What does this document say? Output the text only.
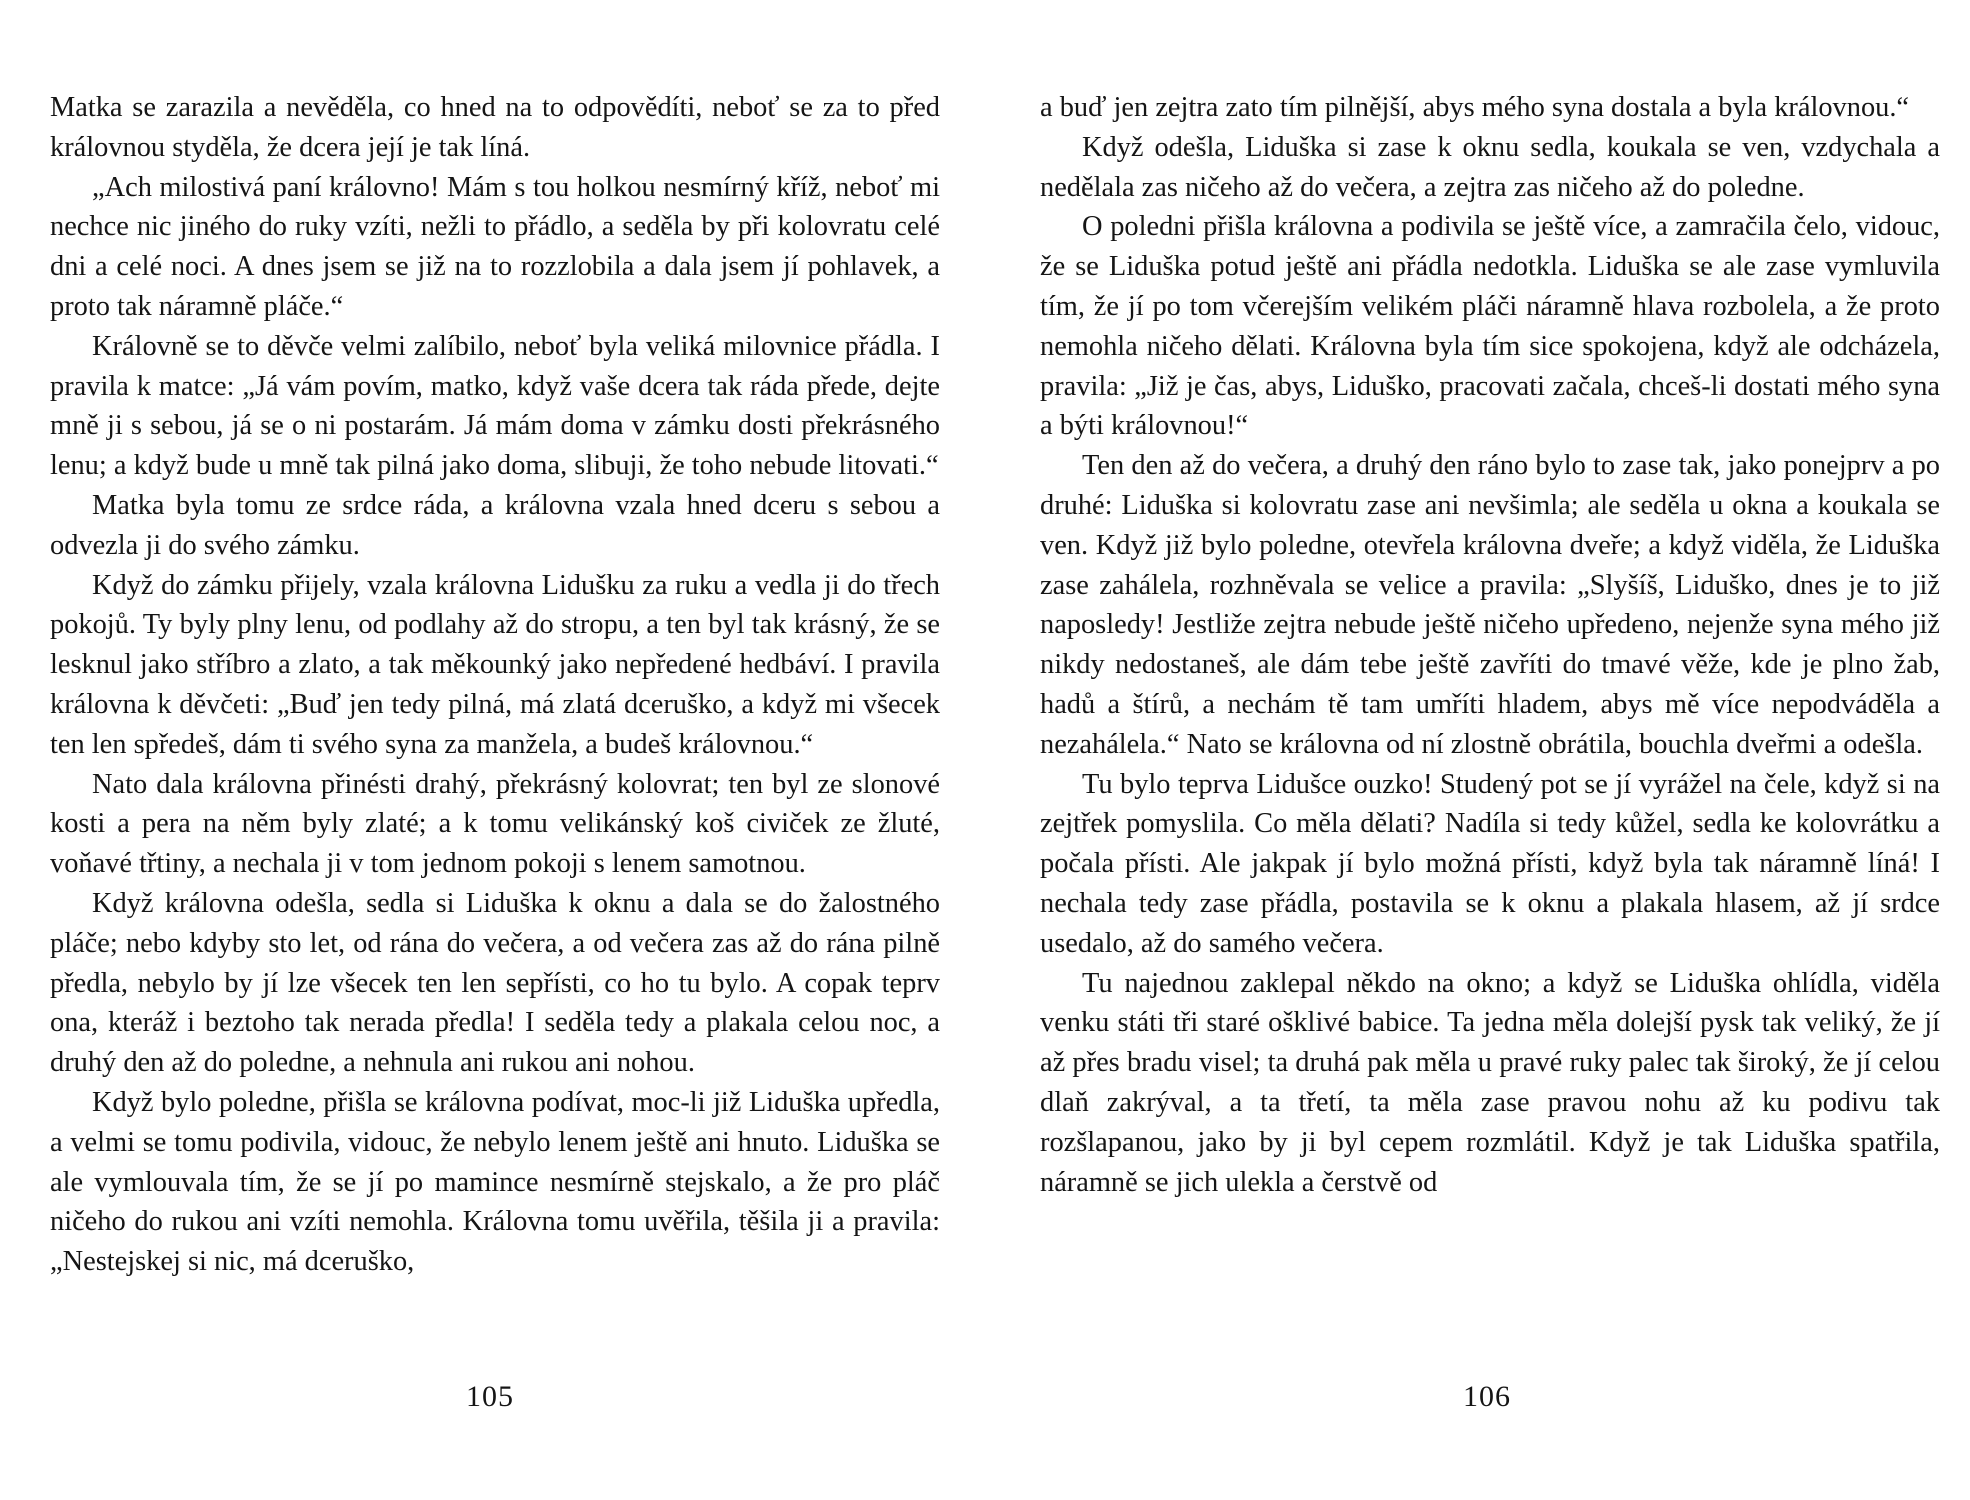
Matka se zarazila a nevěděla, co hned na to odpovědíti, neboť se za to před královnou styděla, že dcera její je tak líná.

„Ach milostivá paní královno! Mám s tou holkou nesmírný kříž, neboť mi nechce nic jiného do ruky vzíti, nežli to přádlo, a seděla by při kolovratu celé dni a celé noci. A dnes jsem se již na to rozzlobila a dala jsem jí pohlavek, a proto tak náramně pláče.“

Královně se to děvče velmi zalíbilo, neboť byla veliká milovnice přádla. I pravila k matce: „Já vám povím, matko, když vaše dcera tak ráda přede, dejte mně ji s sebou, já se o ni postarám. Já mám doma v zámku dosti překrásného lenu; a když bude u mně tak pilná jako doma, slibuji, že toho nebude litovati.“

Matka byla tomu ze srdce ráda, a královna vzala hned dceru s sebou a odvezla ji do svého zámku.

Když do zámku přijely, vzala královna Lidušku za ruku a vedla ji do třech pokojů. Ty byly plny lenu, od podlahy až do stropu, a ten byl tak krásný, že se lesknul jako stříbro a zlato, a tak měkounký jako nepředené hedbáví. I pravila královna k děvčeti: „Buď jen tedy pilná, má zlatá dceruško, a když mi všecek ten len spředeš, dám ti svého syna za manžela, a budeš královnou.“

Nato dala královna přinésti drahý, překrásný kolovrat; ten byl ze slonové kosti a pera na něm byly zlaté; a k tomu velikánský koš civiček ze žluté, voňavé třtiny, a nechala ji v tom jednom pokoji s lenem samotnou.

Když královna odešla, sedla si Liduška k oknu a dala se do žalostného pláče; nebo kdyby sto let, od rána do večera, a od večera zas až do rána pilně předla, nebylo by jí lze všecek ten len sepřísti, co ho tu bylo. A copak teprv ona, kteráž i beztoho tak nerada předla! I seděla tedy a plakala celou noc, a druhý den až do poledne, a nehnula ani rukou ani nohou.

Když bylo poledne, přišla se královna podívat, moc-li již Liduška upředla, a velmi se tomu podivila, vidouc, že nebylo lenem ještě ani hnuto. Liduška se ale vymlouvala tím, že se jí po mamince nesmírně stejskalo, a že pro pláč ničeho do rukou ani vzíti nemohla. Královna tomu uvěřila, těšila ji a pravila: „Nestejskej si nic, má dceruško,

a buď jen zejtra zato tím pilnější, abys mého syna dostala a byla královnou.“

Když odešla, Liduška si zase k oknu sedla, koukala se ven, vzdychala a nedělala zas ničeho až do večera, a zejtra zas ničeho až do poledne.

O poledni přišla královna a podivila se ještě více, a zamračila čelo, vidouc, že se Liduška potud ještě ani přádla nedotkla. Liduška se ale zase vymluvila tím, že jí po tom včerejším velikém pláči náramně hlava rozbolela, a že proto nemohla ničeho dělati. Královna byla tím sice spokojena, když ale odcházela, pravila: „Již je čas, abys, Liduško, pracovati začala, chceš-li dostati mého syna a býti královnou!“

Ten den až do večera, a druhý den ráno bylo to zase tak, jako ponejprv a po druhé: Liduška si kolovratu zase ani nevšimla; ale seděla u okna a koukala se ven. Když již bylo poledne, otevřela královna dveře; a když viděla, že Liduška zase zahálela, rozhněvala se velice a pravila: „Slyšíš, Liduško, dnes je to již naposledy! Jestliže zejtra nebude ještě ničeho upředeno, nejenže syna mého již nikdy nedostaneš, ale dám tebe ještě zavříti do tmavé věže, kde je plno žab, hadů a štírů, a nechám tě tam umříti hladem, abys mě více nepodváděla a nezahálela.“ Nato se královna od ní zlostně obrátila, bouchla dveřmi a odešla.

Tu bylo teprva Lidušce ouzko! Studený pot se jí vyrážel na čele, když si na zejtřek pomyslila. Co měla dělati? Nadíla si tedy kůžel, sedla ke kolovrátku a počala přísti. Ale jakpak jí bylo možná přísti, když byla tak náramně líná! I nechala tedy zase přádla, postavila se k oknu a plakala hlasem, až jí srdce usedalo, až do samého večera.

Tu najednou zaklepal někdo na okno; a když se Liduška ohlídla, viděla venku státi tři staré ošklivé babice. Ta jedna měla dolejší pysk tak veliký, že jí až přes bradu visel; ta druhá pak měla u pravé ruky palec tak široký, že jí celou dlaň zakrýval, a ta třetí, ta měla zase pravou nohu až ku podivu tak rozšlapanou, jako by ji byl cepem rozmlátil. Když je tak Liduška spatřila, náramně se jich ulekla a čerstvě od

105	106
